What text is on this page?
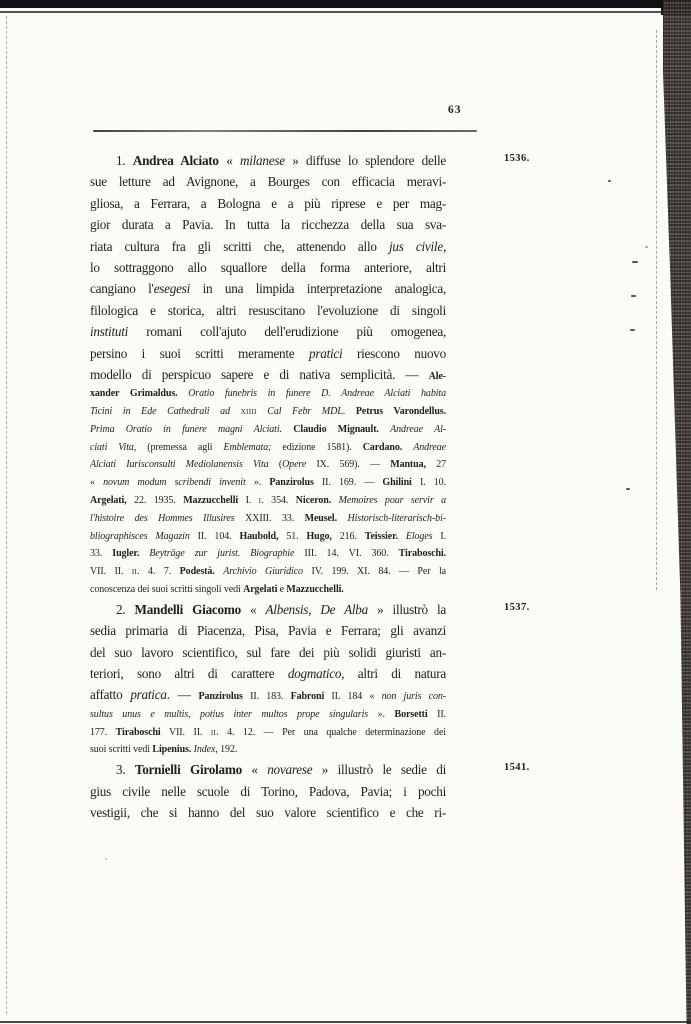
63
1536.
1. Andrea Alciato « milanese » diffuse lo splendore delle
sue letture ad Avignone, a Bourges con efficacia meravi-
gliosa, a Ferrara, a Bologna e a più riprese e per mag-
gior durata a Pavia. In tutta la ricchezza della sua sva-
riata cultura fra gli scritti che, attenendo allo jus civile,
lo sottraggono allo squallore della forma anteriore, altri
cangiano l'esegesi in una limpida interpretazione analogica,
filologica e storica, altri resuscitano l'evoluzione di singoli
instituti romani coll'ajuto dell'erudizione più omogenea,
persino i suoi scritti meramente pratici riescono nuovo
modello di perspicuo sapere e di nativa semplicità. — Ale-
xander Grimaldus. Oratio funebris in funere D. Andreae Alciati habita
Ticini in Ede Cathedrali ad xiiii Cal Febr MDL. Petrus Varondellus.
Prima Oratio in funere magni Alciati. Claudio Mignault. Andreae Al-
ciati Vita, (premessa agli Emblemata; edizione 1581). Cardano. Andreae
Alciati Iurisconsulti Mediolanensis Vita (Opere IX. 569). — Mantua, 27
« novum modum scribendi invenit ». Panzirolus II. 169. — Ghilini I. 10.
Argelati, 22. 1935. Mazzucchelli I. i. 354. Niceron. Memoires pour servir a
l'histoire des Hommes Illusires XXIII. 33. Meusel. Historisch-literarisch-bi-
bliographisces Magazin II. 104. Haubold, 51. Hugo, 216. Teissier. Eloges I.
33. Iugler. Beyträge zur jurist. Biographie III. 14. VI. 360. Tiraboschi.
VII. II. ii. 4. 7. Podestà. Archivio Giuridico IV. 199. XI. 84. — Per la
conoscenza dei suoi scritti singoli vedi Argelati e Mazzucchelli.
1537.
2. Mandelli Giacomo « Albensis, De Alba » illustrò la
sedia primaria di Piacenza, Pisa, Pavia e Ferrara; gli avanzi
del suo lavoro scientifico, sul fare dei più solidi giuristi an-
teriori, sono altri di carattere dogmatico, altri di natura
affatto pratica. — Panzirolus II. 183. Fabroni II. 184 « non juris con-
sultus unus e multis, potius inter multos prope singularis ». Borsetti II.
177. Tiraboschi VII. II. ii. 4. 12. — Per una qualche determinazione dei
suoi scritti vedi Lipenius. Index, 192.
1541.
3. Tornielli Girolamo « novarese » illustrò le sedie di
gius civile nelle scuole di Torino, Padova, Pavia; i pochi
vestigii, che si hanno del suo valore scientifico e che ri-
